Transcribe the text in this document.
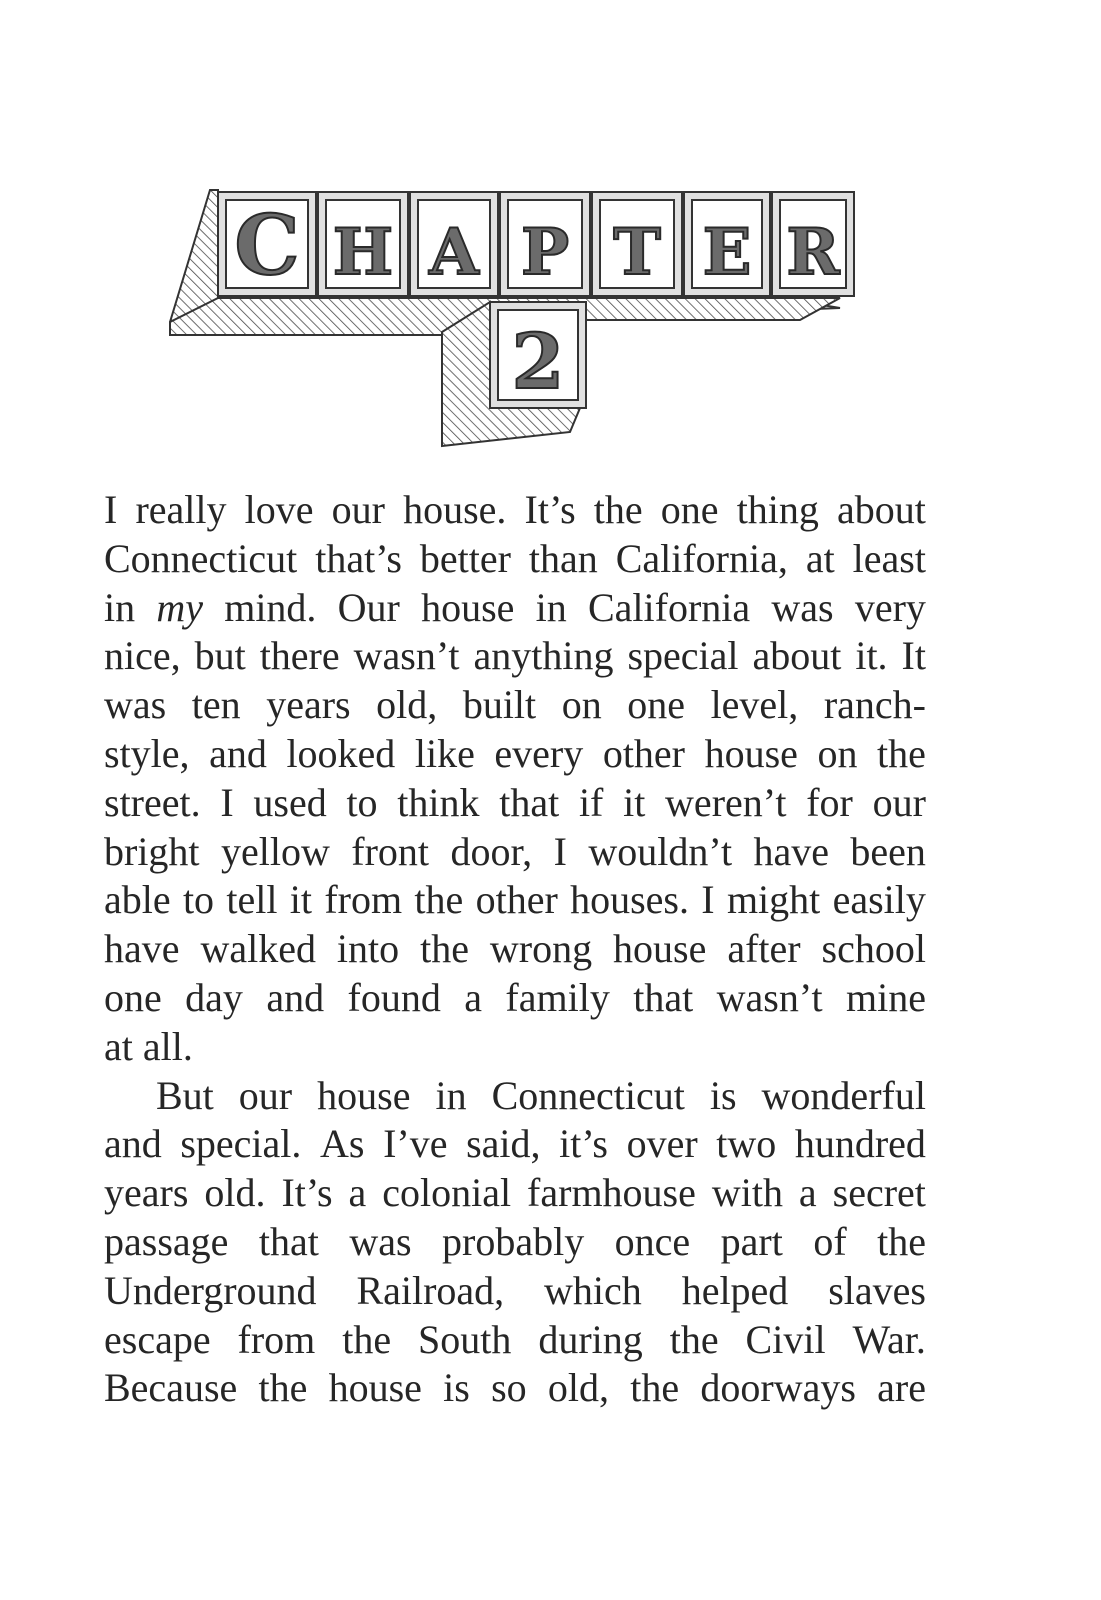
C H A P T E R
2
I really love our house. It’s the one thing about
Connecticut that’s better than California, at least
in my mind. Our house in California was very
nice, but there wasn’t anything special about it. It
was ten years old, built on one level, ranch-
style, and looked like every other house on the
street. I used to think that if it weren’t for our
bright yellow front door, I wouldn’t have been
able to tell it from the other houses. I might easily
have walked into the wrong house after school
one day and found a family that wasn’t mine
at all.
But our house in Connecticut is wonderful
and special. As I’ve said, it’s over two hundred
years old. It’s a colonial farmhouse with a secret
passage that was probably once part of the
Underground Railroad, which helped slaves
escape from the South during the Civil War.
Because the house is so old, the doorways are
